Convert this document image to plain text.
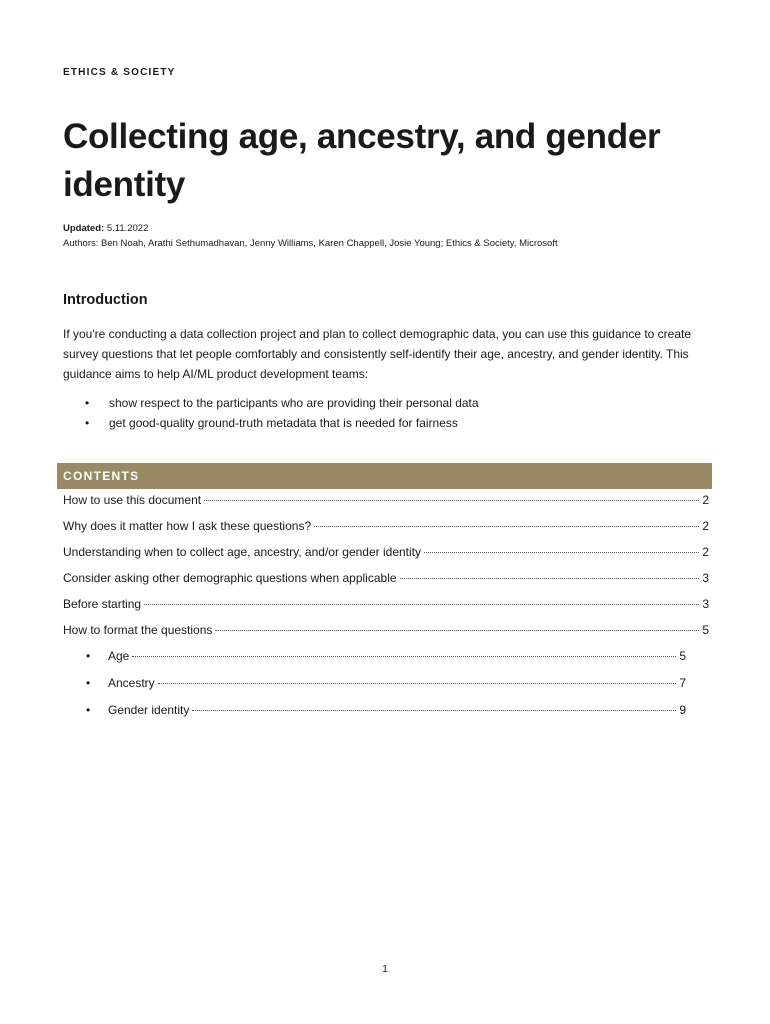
ETHICS & SOCIETY
Collecting age, ancestry, and gender identity
Updated: 5.11.2022
Authors: Ben Noah, Arathi Sethumadhavan, Jenny Williams, Karen Chappell, Josie Young; Ethics & Society, Microsoft
Introduction

If you're conducting a data collection project and plan to collect demographic data, you can use this guidance to create survey questions that let people comfortably and consistently self-identify their age, ancestry, and gender identity. This guidance aims to help AI/ML product development teams:

• show respect to the participants who are providing their personal data
• get good-quality ground-truth metadata that is needed for fairness
CONTENTS
How to use this document	2
Why does it matter how I ask these questions?	2
Understanding when to collect age, ancestry, and/or gender identity	2
Consider asking other demographic questions when applicable	3
Before starting	3
How to format the questions	5
• Age	5
• Ancestry	7
• Gender identity	9
1
